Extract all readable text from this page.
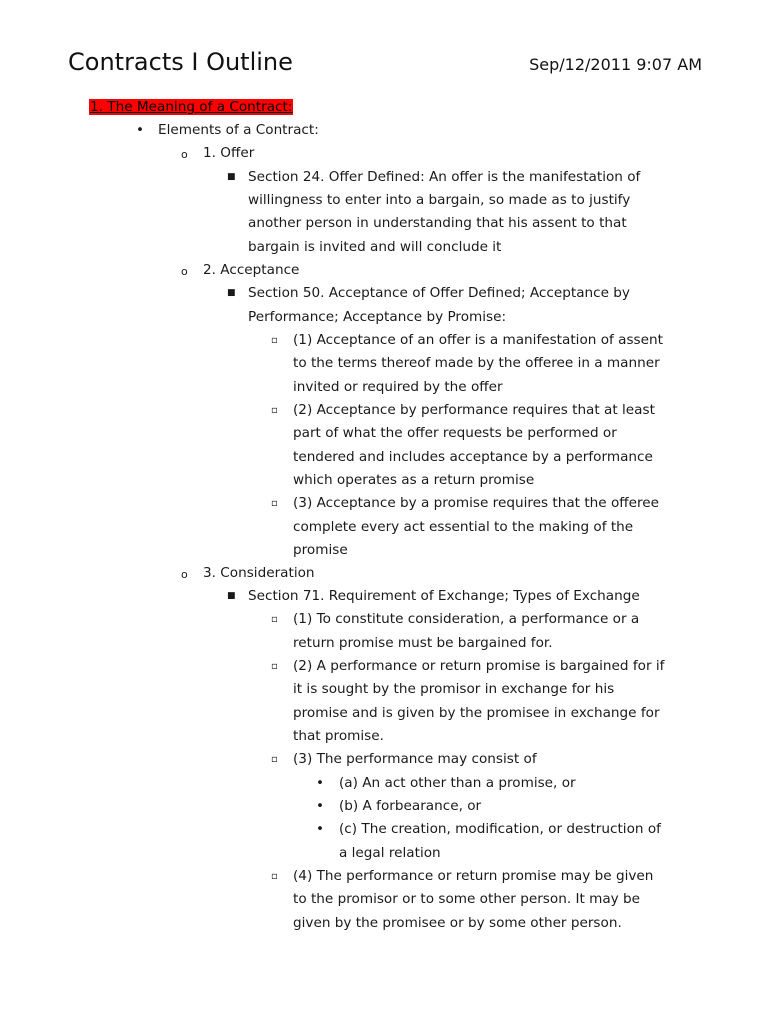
Contracts I Outline	Sep/12/2011 9:07 AM
1. The Meaning of a Contract:
• Elements of a Contract:
o 1. Offer
■ Section 24. Offer Defined: An offer is the manifestation of
willingness to enter into a bargain, so made as to justify
another person in understanding that his assent to that
bargain is invited and will conclude it
o 2. Acceptance
■ Section 50. Acceptance of Offer Defined; Acceptance by
Performance; Acceptance by Promise:
▫ (1) Acceptance of an offer is a manifestation of assent
to the terms thereof made by the offeree in a manner
invited or required by the offer
▫ (2) Acceptance by performance requires that at least
part of what the offer requests be performed or
tendered and includes acceptance by a performance
which operates as a return promise
▫ (3) Acceptance by a promise requires that the offeree
complete every act essential to the making of the
promise
o 3. Consideration
■ Section 71. Requirement of Exchange; Types of Exchange
▫ (1) To constitute consideration, a performance or a
return promise must be bargained for.
▫ (2) A performance or return promise is bargained for if
it is sought by the promisor in exchange for his
promise and is given by the promisee in exchange for
that promise.
▫ (3) The performance may consist of
• (a) An act other than a promise, or
• (b) A forbearance, or
• (c) The creation, modification, or destruction of
a legal relation
▫ (4) The performance or return promise may be given
to the promisor or to some other person. It may be
given by the promisee or by some other person.
